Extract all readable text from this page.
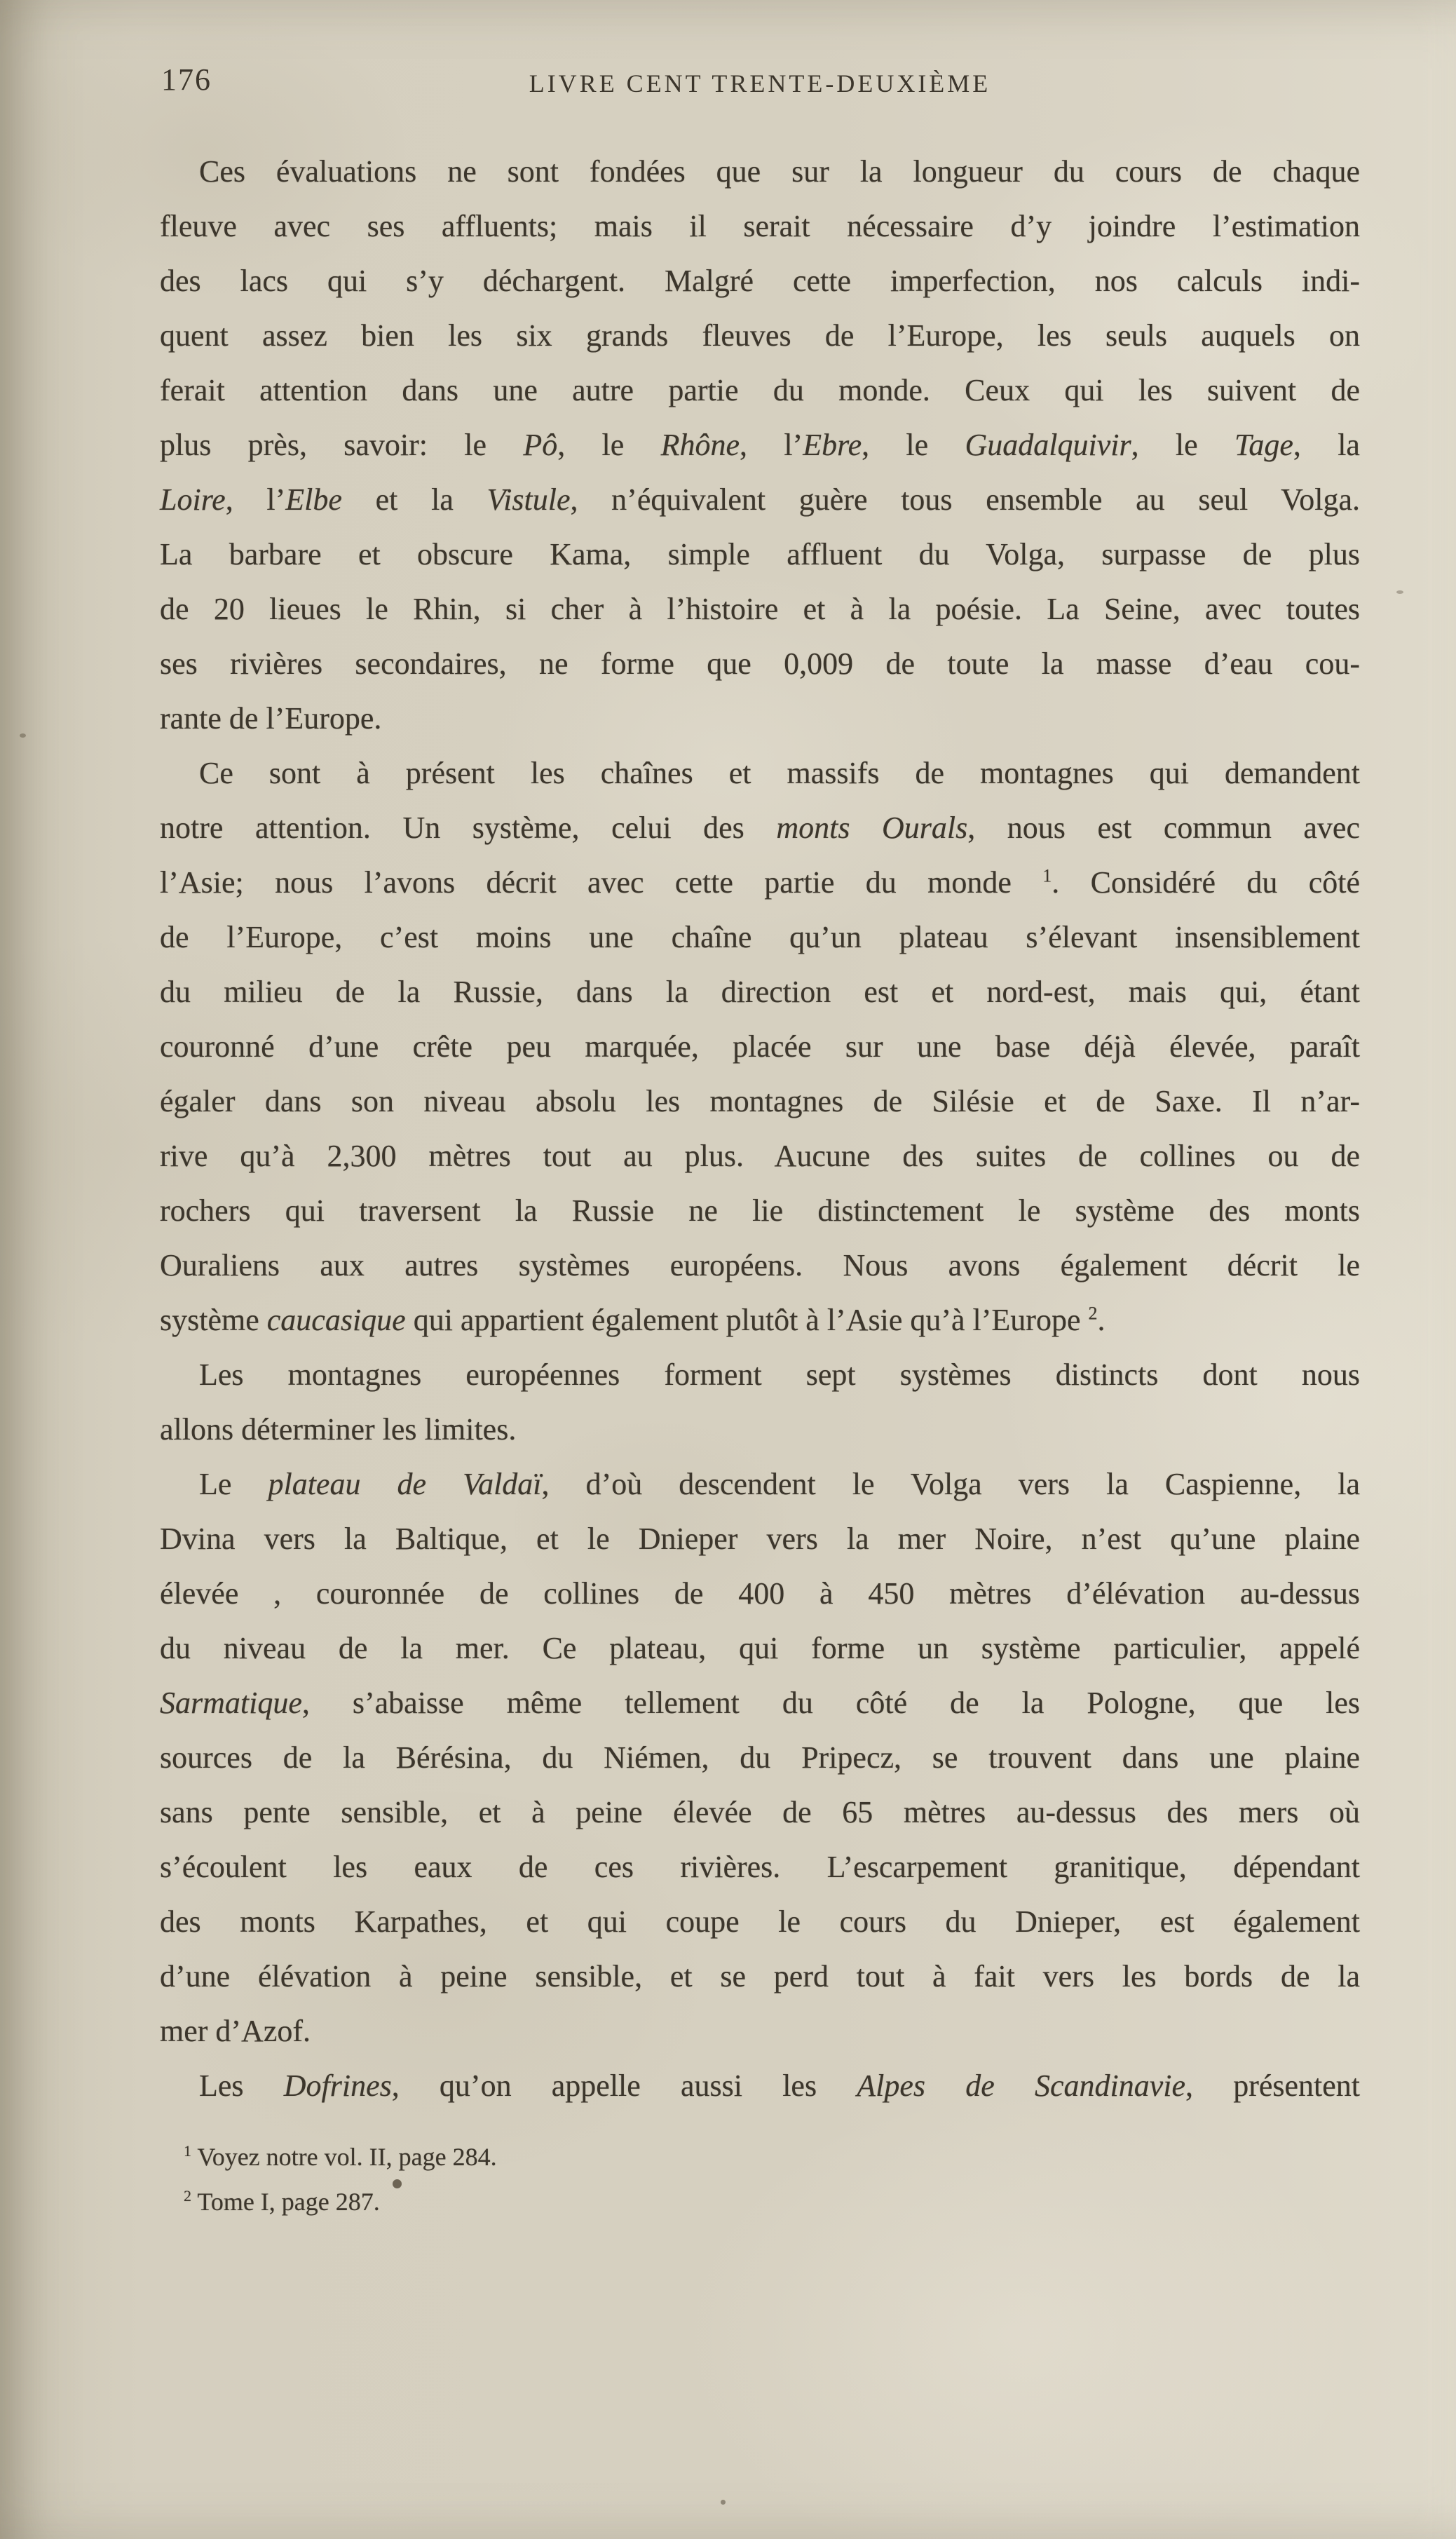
176	LIVRE CENT TRENTE-DEUXIÈME
Ces évaluations ne sont fondées que sur la longueur du cours de chaque
fleuve avec ses affluents; mais il serait nécessaire d’y joindre l’estimation
des lacs qui s’y déchargent. Malgré cette imperfection, nos calculs indi-
quent assez bien les six grands fleuves de l’Europe, les seuls auquels on
ferait attention dans une autre partie du monde. Ceux qui les suivent de
plus près, savoir: le Pô, le Rhône, l’Ebre, le Guadalquivir, le Tage, la
Loire, l’Elbe et la Vistule, n’équivalent guère tous ensemble au seul Volga.
La barbare et obscure Kama, simple affluent du Volga, surpasse de plus
de 20 lieues le Rhin, si cher à l’histoire et à la poésie. La Seine, avec toutes
ses rivières secondaires, ne forme que 0,009 de toute la masse d’eau cou-
rante de l’Europe.
Ce sont à présent les chaînes et massifs de montagnes qui demandent
notre attention. Un système, celui des monts Ourals, nous est commun avec
l’Asie; nous l’avons décrit avec cette partie du monde $^1$. Considéré du côté
de l’Europe, c’est moins une chaîne qu’un plateau s’élevant insensiblement
du milieu de la Russie, dans la direction est et nord-est, mais qui, étant
couronné d’une crête peu marquée, placée sur une base déjà élevée, paraît
égaler dans son niveau absolu les montagnes de Silésie et de Saxe. Il n’ar-
rive qu’à 2,300 mètres tout au plus. Aucune des suites de collines ou de
rochers qui traversent la Russie ne lie distinctement le système des monts
Ouraliens aux autres systèmes européens. Nous avons également décrit le
système caucasique qui appartient également plutôt à l’Asie qu’à l’Europe $^2$.
Les montagnes européennes forment sept systèmes distincts dont nous
allons déterminer les limites.
Le plateau de Valdaï, d’où descendent le Volga vers la Caspienne, la
Dvina vers la Baltique, et le Dnieper vers la mer Noire, n’est qu’une plaine
élevée , couronnée de collines de 400 à 450 mètres d’élévation au-dessus
du niveau de la mer. Ce plateau, qui forme un système particulier, appelé
Sarmatique, s’abaisse même tellement du côté de la Pologne, que les
sources de la Bérésina, du Niémen, du Pripecz, se trouvent dans une plaine
sans pente sensible, et à peine élevée de 65 mètres au-dessus des mers où
s’écoulent les eaux de ces rivières. L’escarpement granitique, dépendant
des monts Karpathes, et qui coupe le cours du Dnieper, est également
d’une élévation à peine sensible, et se perd tout à fait vers les bords de la
mer d’Azof.
Les Dofrines, qu’on appelle aussi les Alpes de Scandinavie, présentent
$^1$ Voyez notre vol. II, page 284.
$^2$ Tome I, page 287.
